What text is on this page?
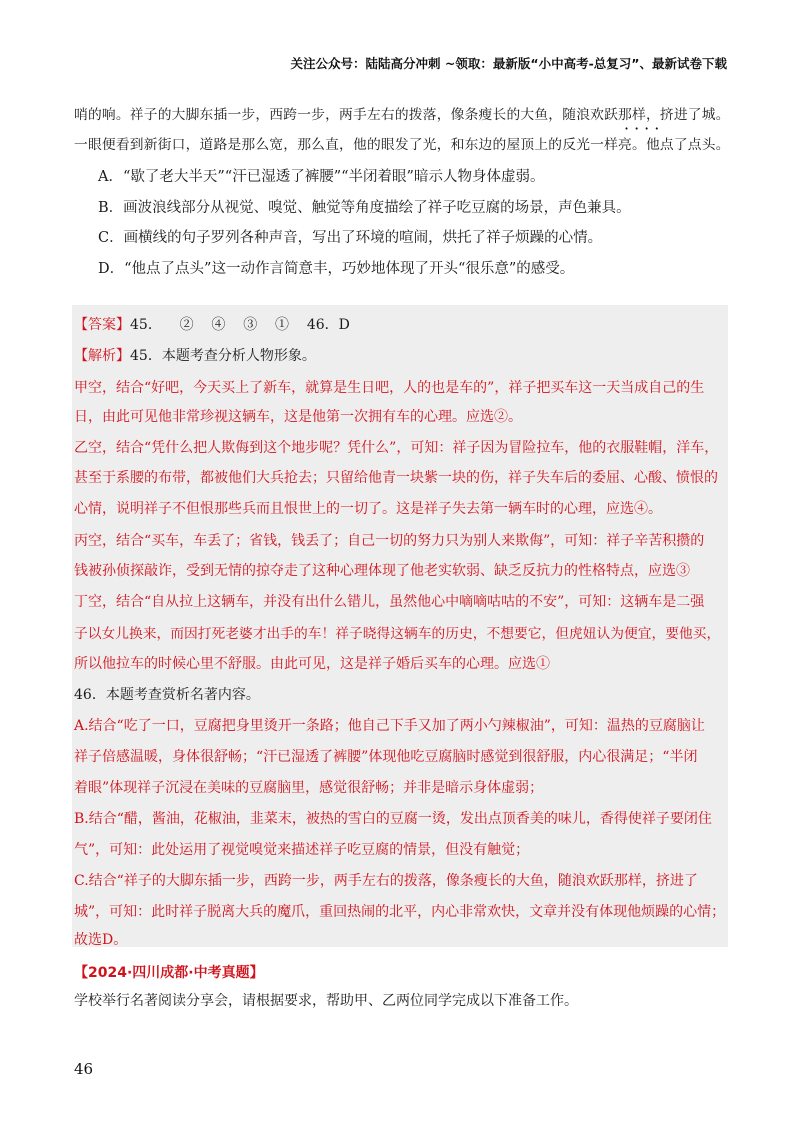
关注公众号：陆陆高分冲刺 ~领取：最新版“小中高考-总复习”、最新试卷下载
哨的响。祥子的大脚东插一步，西跨一步，两手左右的拨落，像条瘦长的大鱼，随浪欢跃那样，挤进了城。
一眼便看到新街口，道路是那么宽，那么直，他的眼发了光，和东边的屋顶上的反光一样亮。他点了点头。
····
A．“歇了老大半天”“汗已湿透了裤腰”“半闭着眼”暗示人物身体虚弱。
B．画波浪线部分从视觉、嗅觉、触觉等角度描绘了祥子吃豆腐的场景，声色兼具。
C．画横线的句子罗列各种声音，写出了环境的喧闹，烘托了祥子烦躁的心情。
D．“他点了点头”这一动作言简意丰，巧妙地体现了开头“很乐意”的感受。
【答案】45．    ②    ④    ③    ①    46．D
【解析】45．本题考查分析人物形象。
甲空，结合“好吧，今天买上了新车，就算是生日吧，人的也是车的”，祥子把买车这一天当成自己的生
日，由此可见他非常珍视这辆车，这是他第一次拥有车的心理。应选②。
乙空，结合“凭什么把人欺侮到这个地步呢？凭什么”，可知：祥子因为冒险拉车，他的衣服鞋帽，洋车，
甚至于系腰的布带，都被他们大兵抢去；只留给他青一块紫一块的伤，祥子失车后的委屈、心酸、愤恨的
心情，说明祥子不但恨那些兵而且恨世上的一切了。这是祥子失去第一辆车时的心理，应选④。
丙空，结合“买车，车丢了；省钱，钱丢了；自己一切的努力只为别人来欺侮”，可知：祥子辛苦积攒的
钱被孙侦探敲诈，受到无情的掠夺走了这种心理体现了他老实软弱、缺乏反抗力的性格特点，应选③
丁空，结合“自从拉上这辆车，并没有出什么错儿，虽然他心中嘀嘀咕咕的不安”，可知：这辆车是二强
子以女儿换来，而因打死老婆才出手的车！祥子晓得这辆车的历史，不想要它，但虎妞认为便宜，要他买，
所以他拉车的时候心里不舒服。由此可见，这是祥子婚后买车的心理。应选①
46．本题考查赏析名著内容。
A.结合“吃了一口，豆腐把身里烫开一条路；他自己下手又加了两小勺辣椒油”，可知：温热的豆腐脑让
祥子倍感温暖，身体很舒畅；“汗已湿透了裤腰”体现他吃豆腐脑时感觉到很舒服，内心很满足；“半闭
着眼”体现祥子沉浸在美味的豆腐脑里，感觉很舒畅；并非是暗示身体虚弱；
B.结合“醋，酱油，花椒油，韭菜末，被热的雪白的豆腐一烫，发出点顶香美的味儿，香得使祥子要闭住
气”，可知：此处运用了视觉嗅觉来描述祥子吃豆腐的情景，但没有触觉；
C.结合“祥子的大脚东插一步，西跨一步，两手左右的拨落，像条瘦长的大鱼，随浪欢跃那样，挤进了
城”，可知：此时祥子脱离大兵的魔爪，重回热闹的北平，内心非常欢快，文章并没有体现他烦躁的心情；
故选D。
【2024·四川成都·中考真题】
学校举行名著阅读分享会，请根据要求，帮助甲、乙两位同学完成以下准备工作。
46
